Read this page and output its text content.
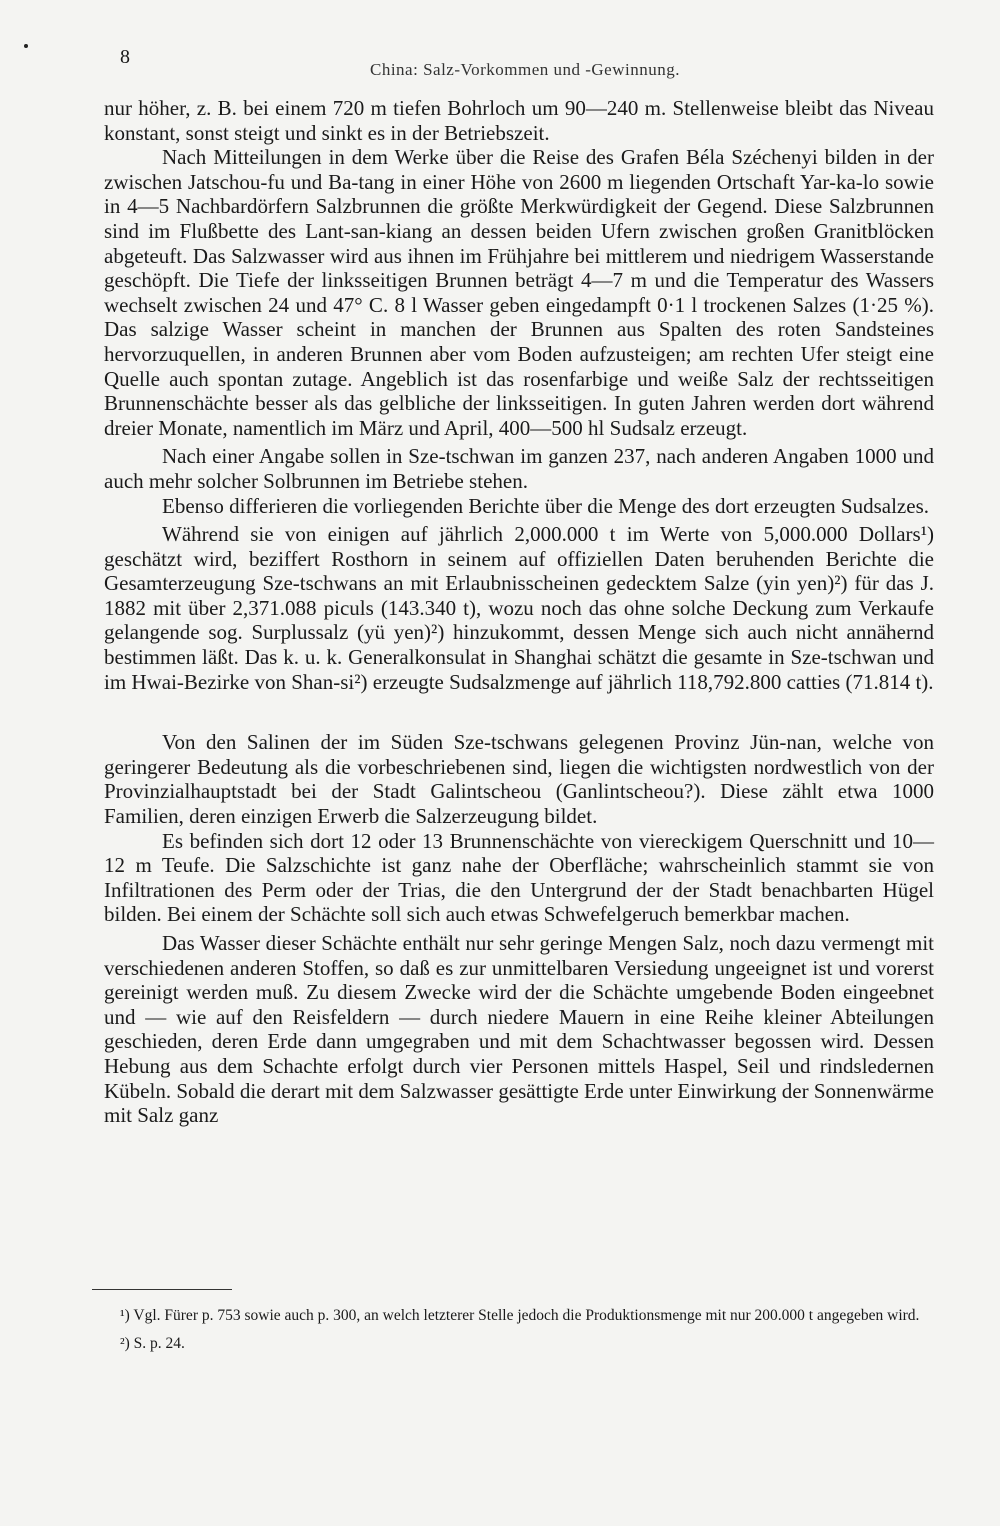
8
China: Salz-Vorkommen und -Gewinnung.

nur höher, z. B. bei einem 720 m tiefen Bohrloch um 90—240 m. Stellenweise bleibt das Niveau konstant, sonst steigt und sinkt es in der Betriebszeit.

Nach Mitteilungen in dem Werke über die Reise des Grafen Béla Széchenyi bilden in der zwischen Jatschou-fu und Ba-tang in einer Höhe von 2600 m liegenden Ortschaft Yar-ka-lo sowie in 4—5 Nachbardörfern Salzbrunnen die größte Merkwürdigkeit der Gegend. Diese Salzbrunnen sind im Flußbette des Lant-san-kiang an dessen beiden Ufern zwischen großen Granitblöcken abgeteuft. Das Salzwasser wird aus ihnen im Frühjahre bei mittlerem und niedrigem Wasserstande geschöpft. Die Tiefe der linksseitigen Brunnen beträgt 4—7 m und die Temperatur des Wassers wechselt zwischen 24 und 47° C. 8 l Wasser geben eingedampft 0·1 l trockenen Salzes (1·25 %). Das salzige Wasser scheint in manchen der Brunnen aus Spalten des roten Sandsteines hervorzuquellen, in anderen Brunnen aber vom Boden aufzusteigen; am rechten Ufer steigt eine Quelle auch spontan zutage. Angeblich ist das rosenfarbige und weiße Salz der rechtsseitigen Brunnenschächte besser als das gelbliche der linksseitigen. In guten Jahren werden dort während dreier Monate, namentlich im März und April, 400—500 hl Sudsalz erzeugt.

Nach einer Angabe sollen in Sze-tschwan im ganzen 237, nach anderen Angaben 1000 und auch mehr solcher Solbrunnen im Betriebe stehen.

Ebenso differieren die vorliegenden Berichte über die Menge des dort erzeugten Sudsalzes.

Während sie von einigen auf jährlich 2,000.000 t im Werte von 5,000.000 Dollars¹) geschätzt wird, beziffert Rosthorn in seinem auf offiziellen Daten beruhenden Berichte die Gesamterzeugung Sze-tschwans an mit Erlaubnisscheinen gedecktem Salze (yin yen)²) für das J. 1882 mit über 2,371.088 piculs (143.340 t), wozu noch das ohne solche Deckung zum Verkaufe gelangende sog. Surplussalz (yü yen)²) hinzukommt, dessen Menge sich auch nicht annähernd bestimmen läßt. Das k. u. k. Generalkonsulat in Shanghai schätzt die gesamte in Sze-tschwan und im Hwai-Bezirke von Shan-si²) erzeugte Sudsalzmenge auf jährlich 118,792.800 catties (71.814 t).

Von den Salinen der im Süden Sze-tschwans gelegenen Provinz Jün-nan, welche von geringerer Bedeutung als die vorbeschriebenen sind, liegen die wichtigsten nordwestlich von der Provinzialhauptstadt bei der Stadt Galintscheou (Ganlintscheou?). Diese zählt etwa 1000 Familien, deren einzigen Erwerb die Salzerzeugung bildet.

Es befinden sich dort 12 oder 13 Brunnenschächte von viereckigem Querschnitt und 10—12 m Teufe. Die Salzschichte ist ganz nahe der Oberfläche; wahrscheinlich stammt sie von Infiltrationen des Perm oder der Trias, die den Untergrund der der Stadt benachbarten Hügel bilden. Bei einem der Schächte soll sich auch etwas Schwefelgeruch bemerkbar machen.

Das Wasser dieser Schächte enthält nur sehr geringe Mengen Salz, noch dazu vermengt mit verschiedenen anderen Stoffen, so daß es zur unmittelbaren Versiedung ungeeignet ist und vorerst gereinigt werden muß. Zu diesem Zwecke wird der die Schächte umgebende Boden eingeebnet und — wie auf den Reisfeldern — durch niedere Mauern in eine Reihe kleiner Abteilungen geschieden, deren Erde dann umgegraben und mit dem Schachtwasser begossen wird. Dessen Hebung aus dem Schachte erfolgt durch vier Personen mittels Haspel, Seil und rindsledernen Kübeln. Sobald die derart mit dem Salzwasser gesättigte Erde unter Einwirkung der Sonnenwärme mit Salz ganz

¹) Vgl. Fürer p. 753 sowie auch p. 300, an welch letzterer Stelle jedoch die Produktionsmenge mit nur 200.000 t angegeben wird.

²) S. p. 24.
